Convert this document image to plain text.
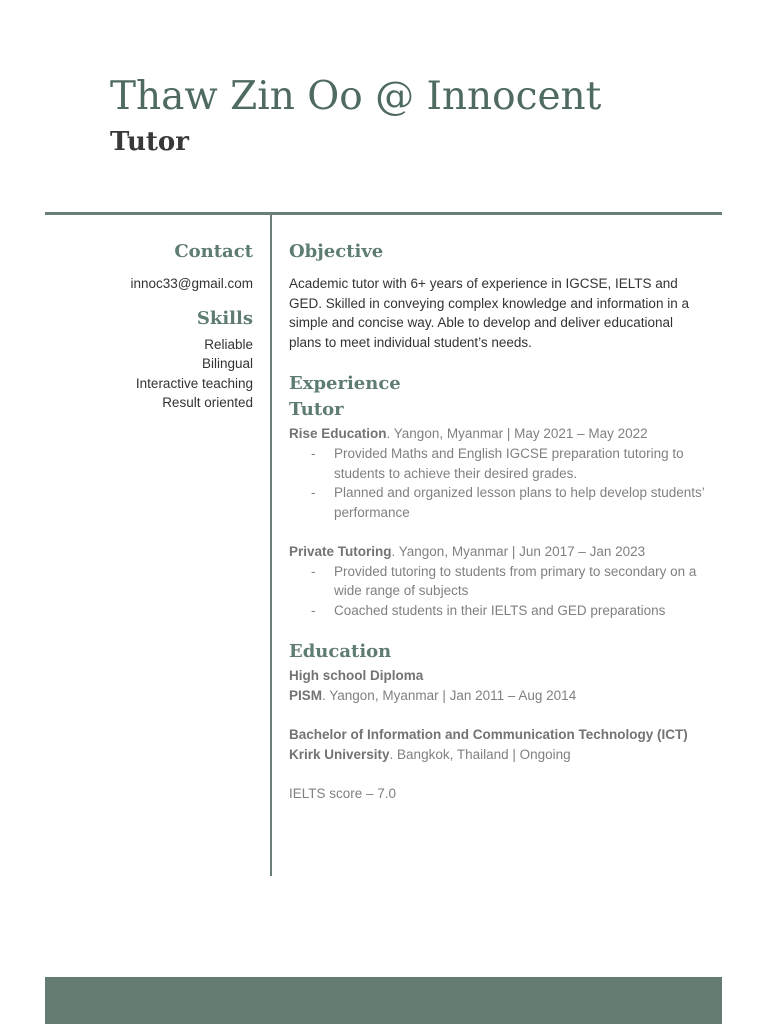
Thaw Zin Oo @ Innocent
Tutor
Contact

innoc33@gmail.com

Skills
Reliable
Bilingual
Interactive teaching
Result oriented
Objective

Academic tutor with 6+ years of experience in IGCSE, IELTS and GED. Skilled in conveying complex knowledge and information in a simple and concise way. Able to develop and deliver educational plans to meet individual student’s needs.

Experience
Tutor

Rise Education. Yangon, Myanmar | May 2021 – May 2022

- Provided Maths and English IGCSE preparation tutoring to students to achieve their desired grades.
- Planned and organized lesson plans to help develop students’ performance

Private Tutoring. Yangon, Myanmar | Jun 2017 – Jan 2023

- Provided tutoring to students from primary to secondary on a wide range of subjects
- Coached students in their IELTS and GED preparations
Education

High school Diploma

PISM. Yangon, Myanmar | Jan 2011 – Aug 2014

Bachelor of Information and Communication Technology (ICT)

Krirk University. Bangkok, Thailand | Ongoing

IELTS score – 7.0
